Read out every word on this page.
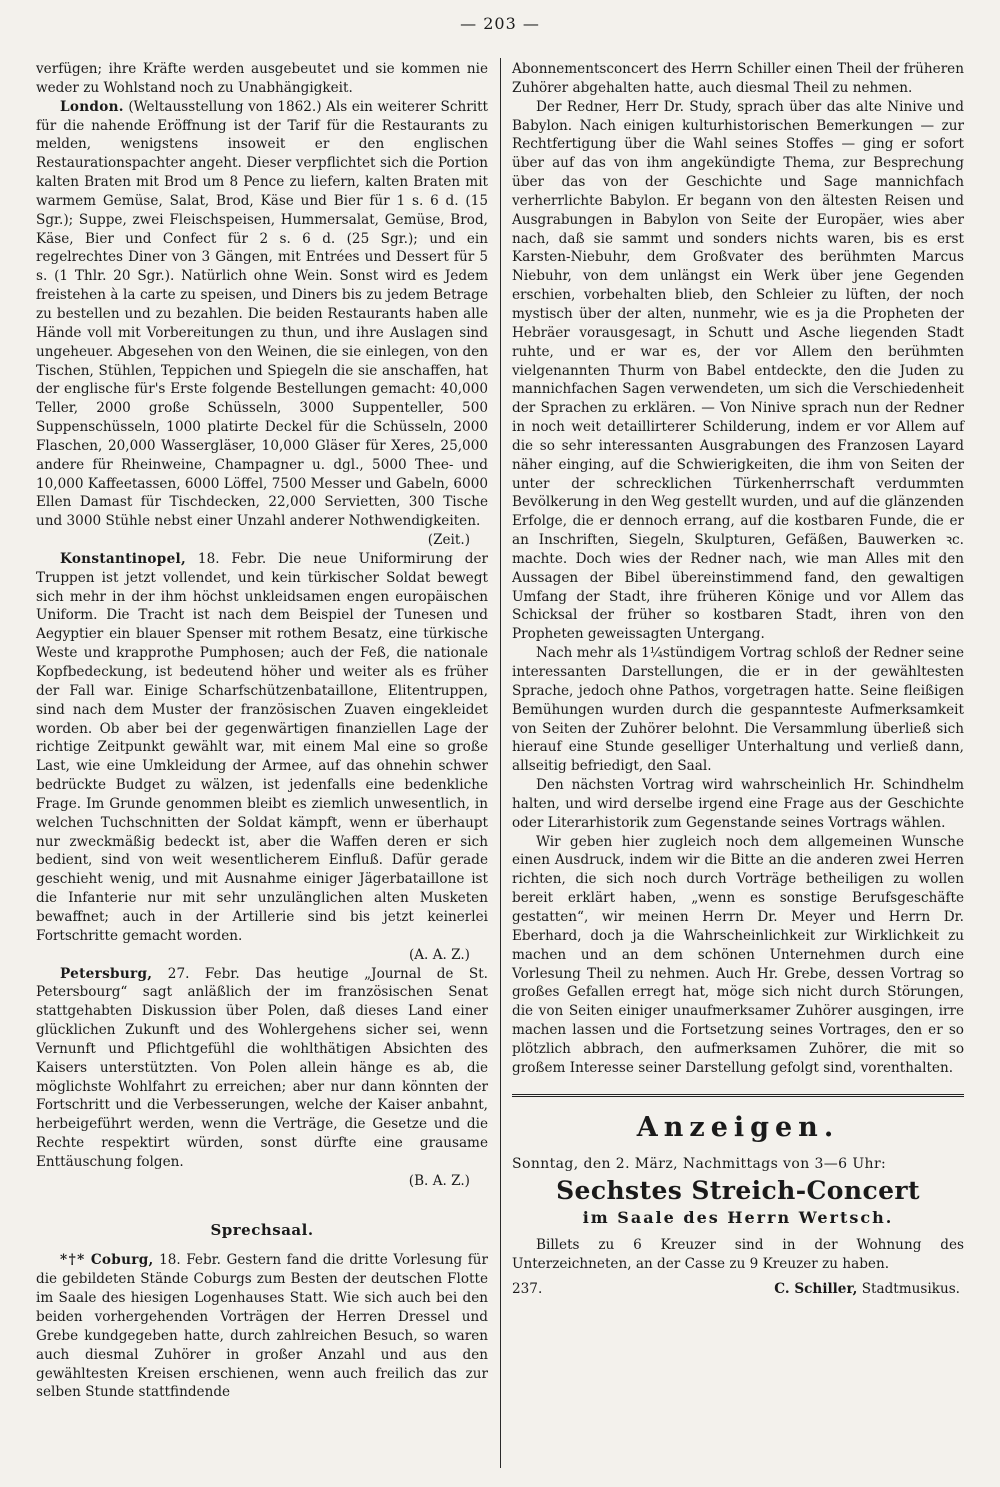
— 203 —

verfügen; ihre Kräfte werden ausgebeutet und sie kommen nie weder zu Wohlstand noch zu Unabhängigkeit.

London. (Weltausstellung von 1862.) Als ein weiterer Schritt für die nahende Eröffnung ist der Tarif für die Restaurants zu melden, wenigstens insoweit er den englischen Restaurationspachter angeht. Dieser verpflichtet sich die Portion kalten Braten mit Brod um 8 Pence zu liefern, kalten Braten mit warmem Gemüse, Salat, Brod, Käse und Bier für 1 s. 6 d. (15 Sgr.); Suppe, zwei Fleischspeisen, Hummersalat, Gemüse, Brod, Käse, Bier und Confect für 2 s. 6 d. (25 Sgr.); und ein regelrechtes Diner von 3 Gängen, mit Entrées und Dessert für 5 s. (1 Thlr. 20 Sgr.). Natürlich ohne Wein. Sonst wird es Jedem freistehen à la carte zu speisen, und Diners bis zu jedem Betrage zu bestellen und zu bezahlen. Die beiden Restaurants haben alle Hände voll mit Vorbereitungen zu thun, und ihre Auslagen sind ungeheuer. Abgesehen von den Weinen, die sie einlegen, von den Tischen, Stühlen, Teppichen und Spiegeln die sie anschaffen, hat der englische für's Erste folgende Bestellungen gemacht: 40,000 Teller, 2000 große Schüsseln, 3000 Suppenteller, 500 Suppenschüsseln, 1000 platirte Deckel für die Schüsseln, 2000 Flaschen, 20,000 Wassergläser, 10,000 Gläser für Xeres, 25,000 andere für Rheinweine, Champagner u. dgl., 5000 Thee- und 10,000 Kaffeetassen, 6000 Löffel, 7500 Messer und Gabeln, 6000 Ellen Damast für Tischdecken, 22,000 Servietten, 300 Tische und 3000 Stühle nebst einer Unzahl anderer Nothwendigkeiten.

(Zeit.)

Konstantinopel, 18. Febr. Die neue Uniformirung der Truppen ist jetzt vollendet, und kein türkischer Soldat bewegt sich mehr in der ihm höchst unkleidsamen engen europäischen Uniform. Die Tracht ist nach dem Beispiel der Tunesen und Aegyptier ein blauer Spenser mit rothem Besatz, eine türkische Weste und krapprothe Pumphosen; auch der Feß, die nationale Kopfbedeckung, ist bedeutend höher und weiter als es früher der Fall war. Einige Scharfschützenbataillone, Elitentruppen, sind nach dem Muster der französischen Zuaven eingekleidet worden. Ob aber bei der gegenwärtigen finanziellen Lage der richtige Zeitpunkt gewählt war, mit einem Mal eine so große Last, wie eine Umkleidung der Armee, auf das ohnehin schwer bedrückte Budget zu wälzen, ist jedenfalls eine bedenkliche Frage. Im Grunde genommen bleibt es ziemlich unwesentlich, in welchen Tuchschnitten der Soldat kämpft, wenn er überhaupt nur zweckmäßig bedeckt ist, aber die Waffen deren er sich bedient, sind von weit wesentlicherem Einfluß. Dafür gerade geschieht wenig, und mit Ausnahme einiger Jägerbataillone ist die Infanterie nur mit sehr unzulänglichen alten Musketen bewaffnet; auch in der Artillerie sind bis jetzt keinerlei Fortschritte gemacht worden.

(A. A. Z.)

Petersburg, 27. Febr. Das heutige „Journal de St. Petersbourg“ sagt anläßlich der im französischen Senat stattgehabten Diskussion über Polen, daß dieses Land einer glücklichen Zukunft und des Wohlergehens sicher sei, wenn Vernunft und Pflichtgefühl die wohlthätigen Absichten des Kaisers unterstützten. Von Polen allein hänge es ab, die möglichste Wohlfahrt zu erreichen; aber nur dann könnten der Fortschritt und die Verbesserungen, welche der Kaiser anbahnt, herbeigeführt werden, wenn die Verträge, die Gesetze und die Rechte respektirt würden, sonst dürfte eine grausame Enttäuschung folgen.

(B. A. Z.)

Sprechsaal.

*†* Coburg, 18. Febr. Gestern fand die dritte Vorlesung für die gebildeten Stände Coburgs zum Besten der deutschen Flotte im Saale des hiesigen Logenhauses Statt. Wie sich auch bei den beiden vorhergehenden Vorträgen der Herren Dressel und Grebe kundgegeben hatte, durch zahlreichen Besuch, so waren auch diesmal Zuhörer in großer Anzahl und aus den gewähltesten Kreisen erschienen, wenn auch freilich das zur selben Stunde stattfindende

Abonnementsconcert des Herrn Schiller einen Theil der früheren Zuhörer abgehalten hatte, auch diesmal Theil zu nehmen.

Der Redner, Herr Dr. Study, sprach über das alte Ninive und Babylon. Nach einigen kulturhistorischen Bemerkungen — zur Rechtfertigung über die Wahl seines Stoffes — ging er sofort über auf das von ihm angekündigte Thema, zur Besprechung über das von der Geschichte und Sage mannichfach verherrlichte Babylon. Er begann von den ältesten Reisen und Ausgrabungen in Babylon von Seite der Europäer, wies aber nach, daß sie sammt und sonders nichts waren, bis es erst Karsten-Niebuhr, dem Großvater des berühmten Marcus Niebuhr, von dem unlängst ein Werk über jene Gegenden erschien, vorbehalten blieb, den Schleier zu lüften, der noch mystisch über der alten, nunmehr, wie es ja die Propheten der Hebräer vorausgesagt, in Schutt und Asche liegenden Stadt ruhte, und er war es, der vor Allem den berühmten vielgenannten Thurm von Babel entdeckte, den die Juden zu mannichfachen Sagen verwendeten, um sich die Verschiedenheit der Sprachen zu erklären. — Von Ninive sprach nun der Redner in noch weit detaillirterer Schilderung, indem er vor Allem auf die so sehr interessanten Ausgrabungen des Franzosen Layard näher einging, auf die Schwierigkeiten, die ihm von Seiten der unter der schrecklichen Türkenherrschaft verdummten Bevölkerung in den Weg gestellt wurden, und auf die glänzenden Erfolge, die er dennoch errang, auf die kostbaren Funde, die er an Inschriften, Siegeln, Skulpturen, Gefäßen, Bauwerken ꝛc. machte. Doch wies der Redner nach, wie man Alles mit den Aussagen der Bibel übereinstimmend fand, den gewaltigen Umfang der Stadt, ihre früheren Könige und vor Allem das Schicksal der früher so kostbaren Stadt, ihren von den Propheten geweissagten Untergang.

Nach mehr als 1¼stündigem Vortrag schloß der Redner seine interessanten Darstellungen, die er in der gewähltesten Sprache, jedoch ohne Pathos, vorgetragen hatte. Seine fleißigen Bemühungen wurden durch die gespannteste Aufmerksamkeit von Seiten der Zuhörer belohnt. Die Versammlung überließ sich hierauf eine Stunde geselliger Unterhaltung und verließ dann, allseitig befriedigt, den Saal.

Den nächsten Vortrag wird wahrscheinlich Hr. Schindhelm halten, und wird derselbe irgend eine Frage aus der Geschichte oder Literarhistorik zum Gegenstande seines Vortrags wählen.

Wir geben hier zugleich noch dem allgemeinen Wunsche einen Ausdruck, indem wir die Bitte an die anderen zwei Herren richten, die sich noch durch Vorträge betheiligen zu wollen bereit erklärt haben, „wenn es sonstige Berufsgeschäfte gestatten“, wir meinen Herrn Dr. Meyer und Herrn Dr. Eberhard, doch ja die Wahrscheinlichkeit zur Wirklichkeit zu machen und an dem schönen Unternehmen durch eine Vorlesung Theil zu nehmen. Auch Hr. Grebe, dessen Vortrag so großes Gefallen erregt hat, möge sich nicht durch Störungen, die von Seiten einiger unaufmerksamer Zuhörer ausgingen, irre machen lassen und die Fortsetzung seines Vortrages, den er so plötzlich abbrach, den aufmerksamen Zuhörer, die mit so großem Interesse seiner Darstellung gefolgt sind, vorenthalten.

Anzeigen.

Sonntag, den 2. März, Nachmittags von 3—6 Uhr:

Sechstes Streich-Concert

im Saale des Herrn Wertsch.

Billets zu 6 Kreuzer sind in der Wohnung des Unterzeichneten, an der Casse zu 9 Kreuzer zu haben.

237.	C. Schiller, Stadtmusikus.
